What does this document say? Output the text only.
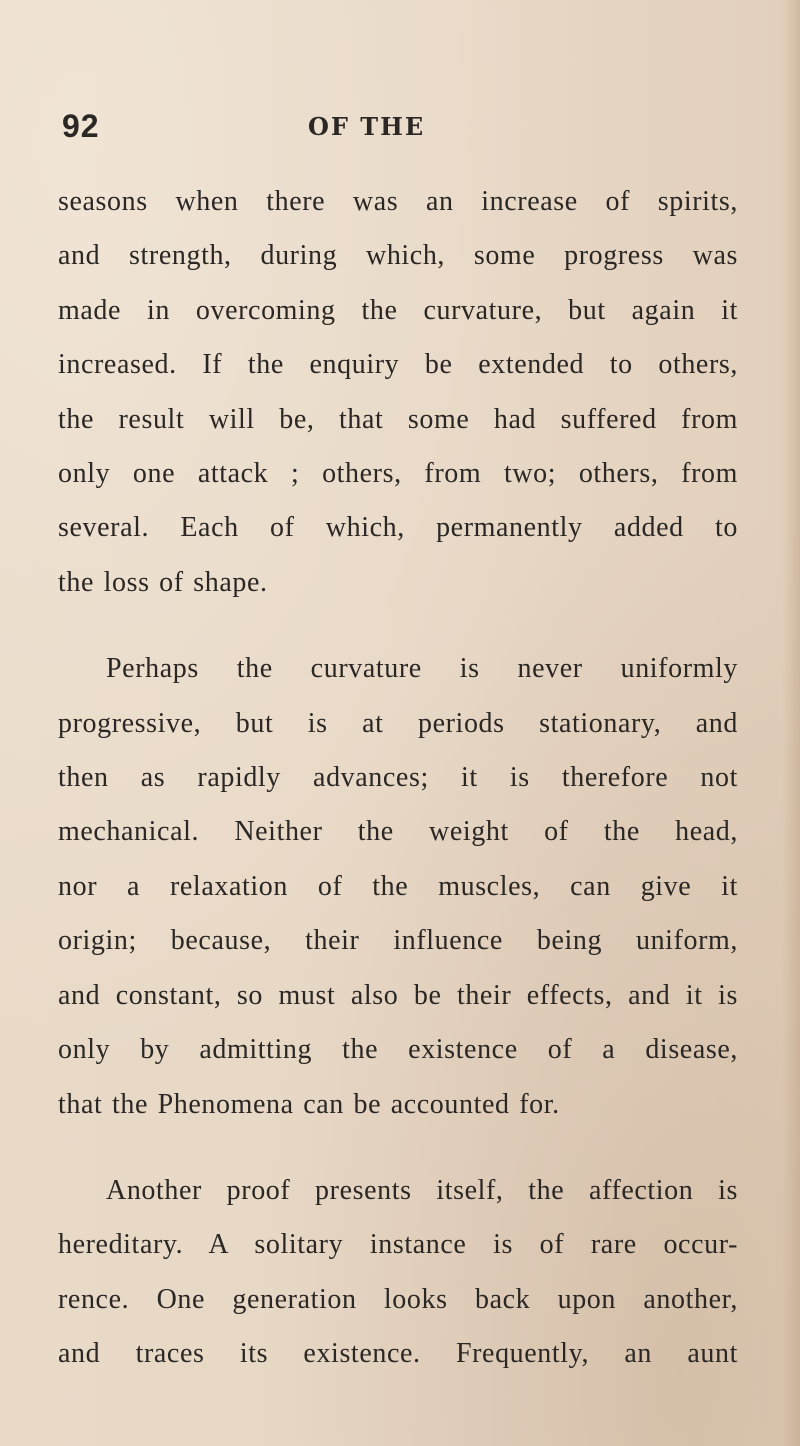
92	OF THE

seasons when there was an increase of spirits,
and strength, during which, some progress was
made in overcoming the curvature, but again it
increased. If the enquiry be extended to others,
the result will be, that some had suffered from
only one attack ; others, from two; others, from
several. Each of which, permanently added to
the loss of shape.

Perhaps the curvature is never uniformly
progressive, but is at periods stationary, and
then as rapidly advances; it is therefore not
mechanical. Neither the weight of the head,
nor a relaxation of the muscles, can give it
origin; because, their influence being uniform,
and constant, so must also be their effects, and it is
only by admitting the existence of a disease,
that the Phenomena can be accounted for.

Another proof presents itself, the affection is
hereditary. A solitary instance is of rare occur-
rence. One generation looks back upon another,
and traces its existence. Frequently, an aunt
